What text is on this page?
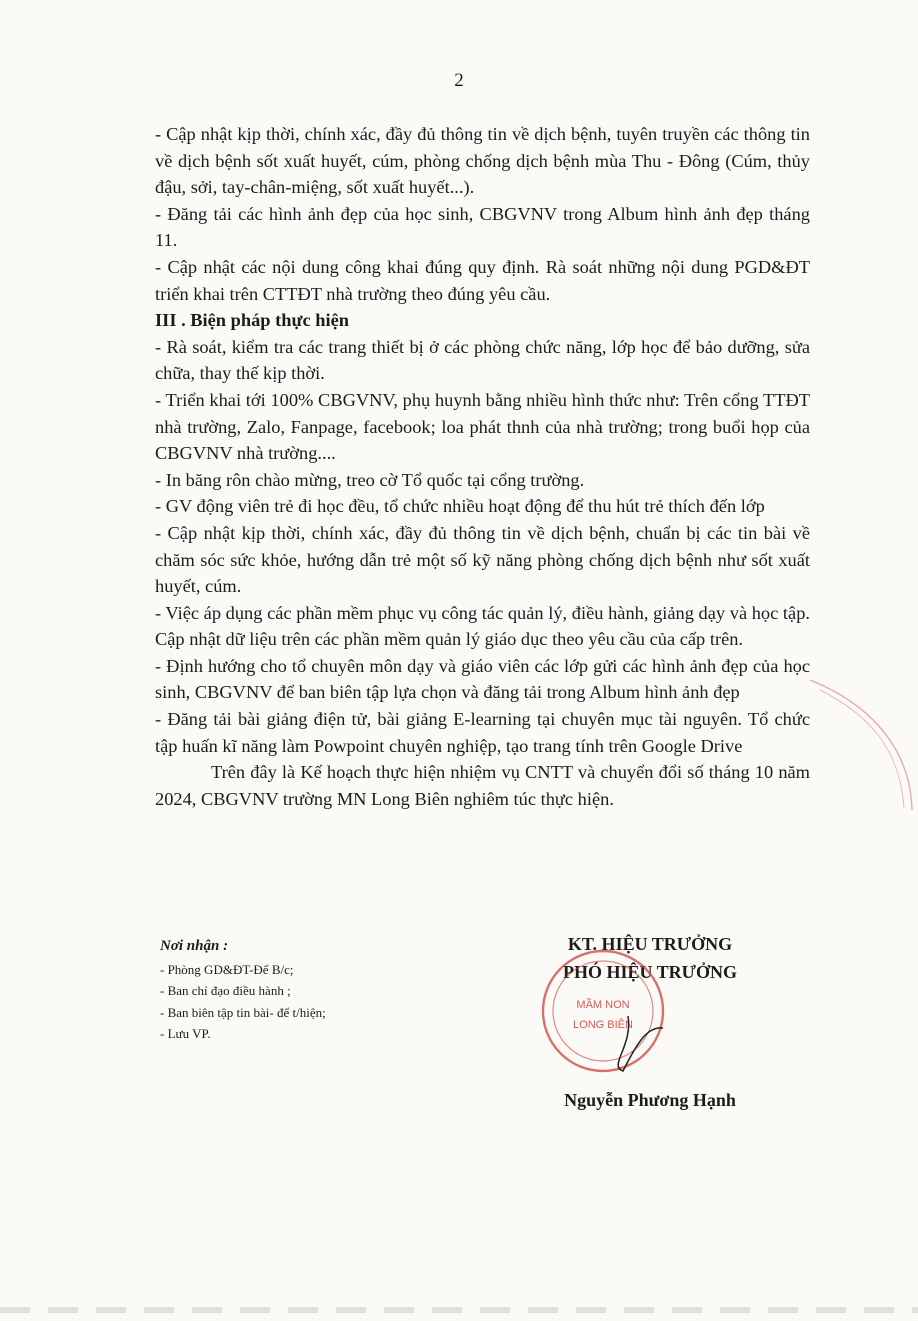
2

- Cập nhật kịp thời, chính xác, đầy đủ thông tin về dịch bệnh, tuyên truyền các thông tin về dịch bệnh sốt xuất huyết, cúm, phòng chống dịch bệnh mùa Thu - Đông (Cúm, thủy đậu, sởi, tay-chân-miệng, sốt xuất huyết...).

- Đăng tải các hình ảnh đẹp của học sinh, CBGVNV trong Album hình ảnh đẹp tháng 11.

- Cập nhật các nội dung công khai đúng quy định. Rà soát những nội dung PGD&ĐT triển khai trên CTTĐT nhà trường theo đúng yêu cầu.

III . Biện pháp thực hiện

- Rà soát, kiểm tra các trang thiết bị ở các phòng chức năng, lớp học để bảo dưỡng, sửa chữa, thay thế kịp thời.

- Triển khai tới 100% CBGVNV, phụ huynh bằng nhiều hình thức như: Trên cổng TTĐT nhà trường, Zalo, Fanpage, facebook; loa phát thnh của nhà trường; trong buổi họp của CBGVNV nhà trường....

- In băng rôn chào mừng, treo cờ Tổ quốc tại cổng trường.

- GV động viên trẻ đi học đều, tổ chức nhiều hoạt động để thu hút trẻ thích đến lớp

- Cập nhật kịp thời, chính xác, đầy đủ thông tin về dịch bệnh, chuẩn bị các tin bài về chăm sóc sức khỏe, hướng dẫn trẻ một số kỹ năng phòng chống dịch bệnh như sốt xuất huyết, cúm.

- Việc áp dụng các phần mềm phục vụ công tác quản lý, điều hành, giảng dạy và học tập. Cập nhật dữ liệu trên các phần mềm quản lý giáo dục theo yêu cầu của cấp trên.

- Định hướng cho tổ chuyên môn dạy và giáo viên các lớp gửi các hình ảnh đẹp của học sinh, CBGVNV để ban biên tập lựa chọn và đăng tải trong Album hình ảnh đẹp

- Đăng tải bài giảng điện tử, bài giảng E-learning tại chuyên mục tài nguyên. Tổ chức tập huấn kĩ năng làm Powpoint chuyên nghiệp, tạo trang tính trên Google Drive

Trên đây là Kế hoạch thực hiện nhiệm vụ CNTT và chuyển đổi số tháng 10 năm 2024, CBGVNV trường MN Long Biên nghiêm túc thực hiện.

Nơi nhận :

- Phòng GD&ĐT-Để B/c;

- Ban chỉ đạo điều hành ;

- Ban biên tập tin bài- để t/hiện;

- Lưu VP.

KT. HIỆU TRƯỞNG
PHÓ HIỆU TRƯỞNG
MẦM NON
LONG BIÊN
Nguyễn Phương Hạnh
